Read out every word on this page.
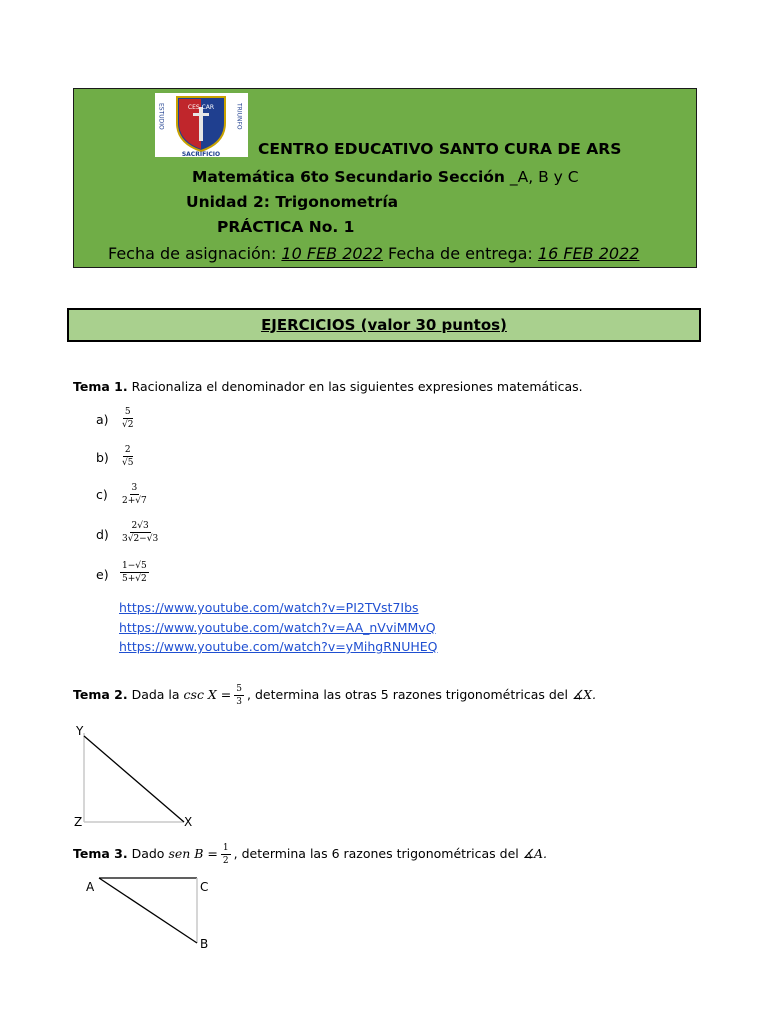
ESTUDIO	TRIUNFO
CES CAR
SACRIFICIO CENTRO EDUCATIVO SANTO CURA DE ARS
Matemática 6to Secundario Sección _A, B y C
Unidad 2: Trigonometría
PRÁCTICA No. 1
Fecha de asignación: 10 FEB 2022 Fecha de entrega: 16 FEB 2022
EJERCICIOS (valor 30 puntos)
Tema 1. Racionaliza el denominador en las siguientes expresiones matemáticas.
$a) \frac{5}{√2}$
$b) \frac{2}{√5}$
$c) \frac{3}{2+√7}$
$d) \frac{2√3}{3√2-√3}$
$e) \frac{1-√5}{5+√2}$
https://www.youtube.com/watch?v=PI2TVst7Ibs
https://www.youtube.com/watch?v=AA_nVviMMvQ
https://www.youtube.com/watch?v=yMihgRNUHEQ
Tema 2. Dada la $\csc X = \frac{5}{3}$ , determina las otras 5 razones trigonométricas del ∡X.
Y
Z	X
Tema 3. Dado sen $B = \frac{1}{2}$ , determina las 6 razones trigonométricas del ∡A.
A	C
B
